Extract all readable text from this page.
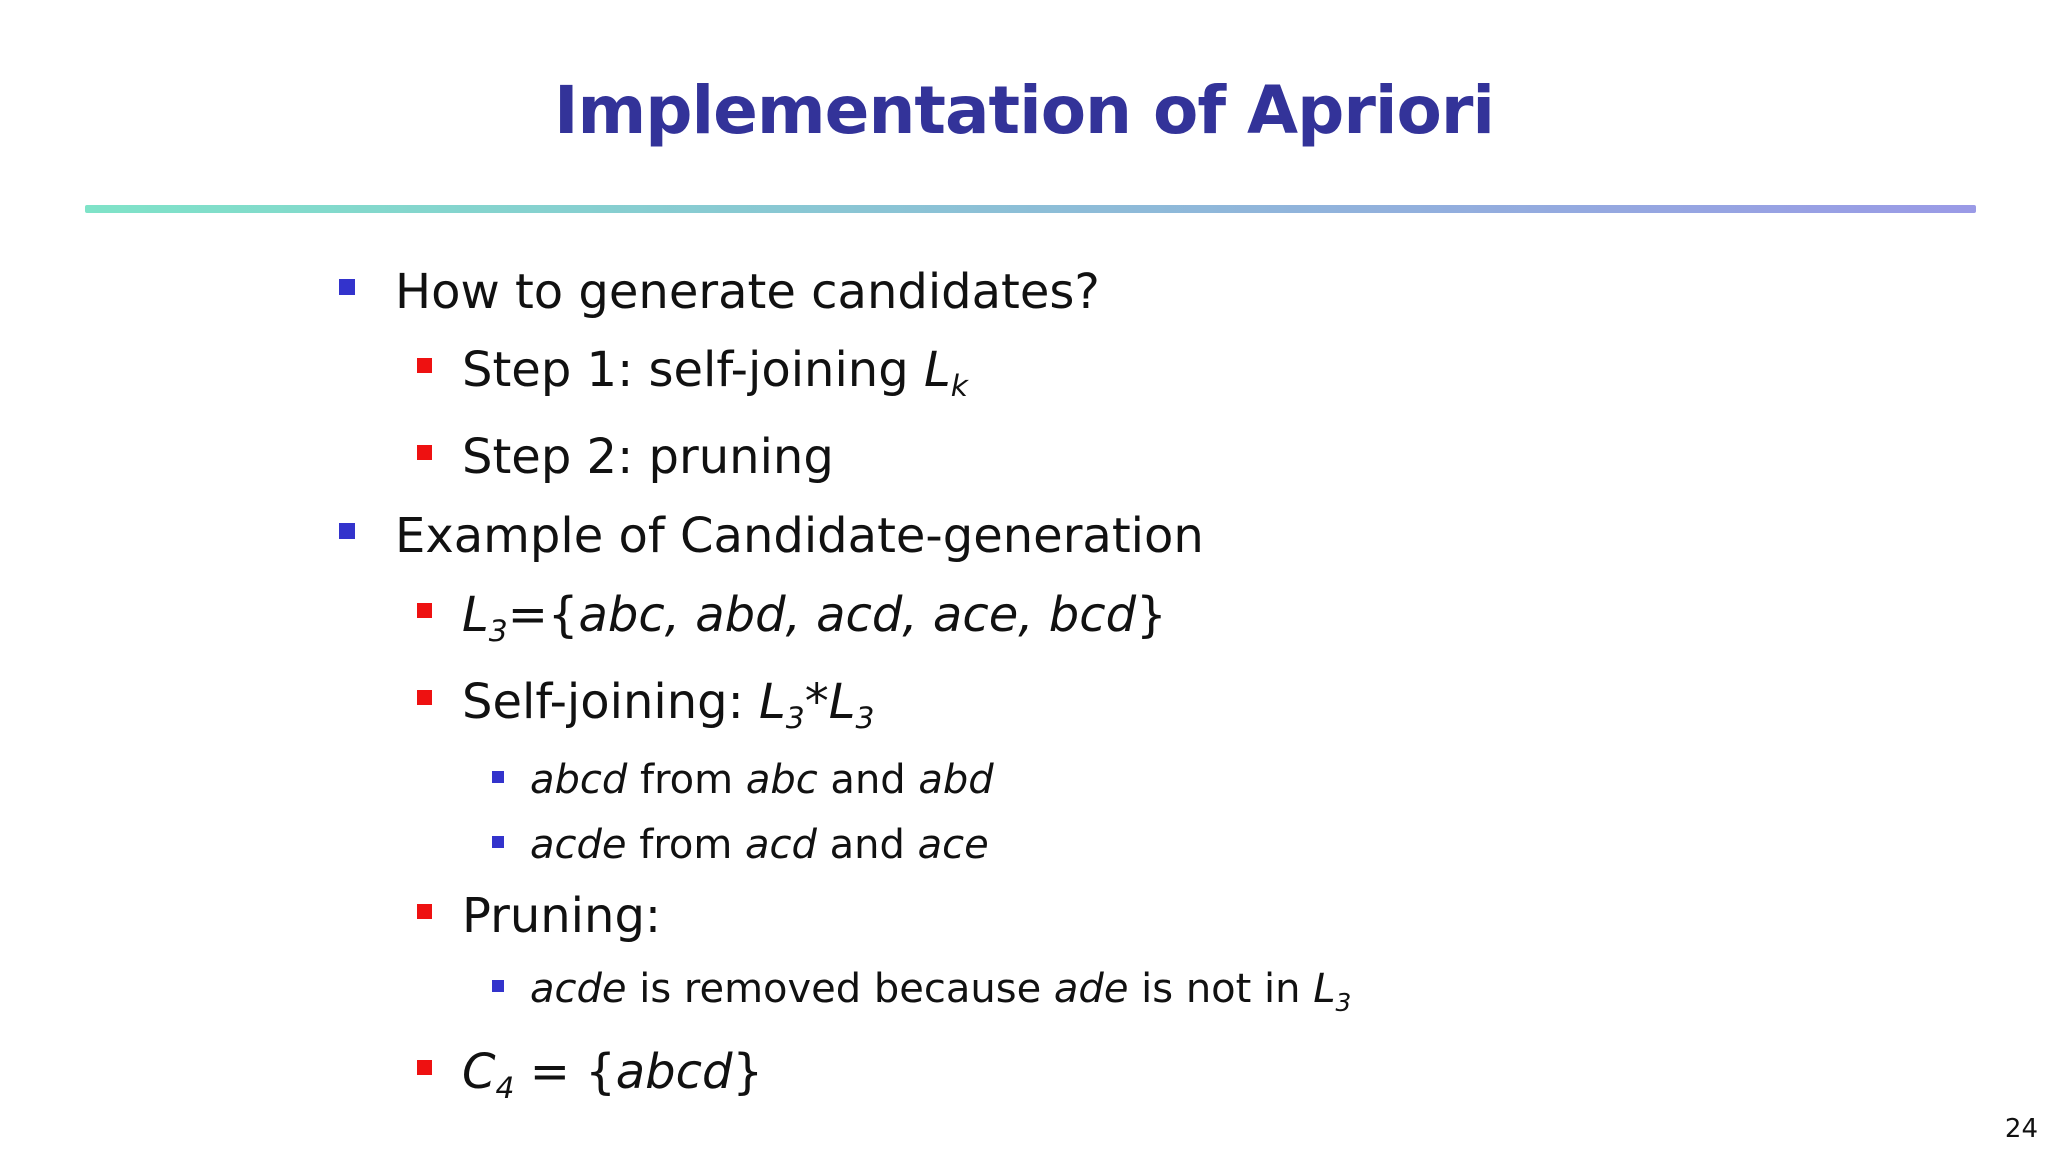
Implementation of Apriori
How to generate candidates?
Step 1: self-joining $L_k$
Step 2: pruning
Example of Candidate-generation
$L_3=\{abc$, abd, acd, ace, bcd}
Self-joining: $L_3*L_3$
abcd from abc and abd
acde from acd and ace
Pruning:
acde is removed because ade is not in $L_3$
$C_4$ = {abcd}
24
